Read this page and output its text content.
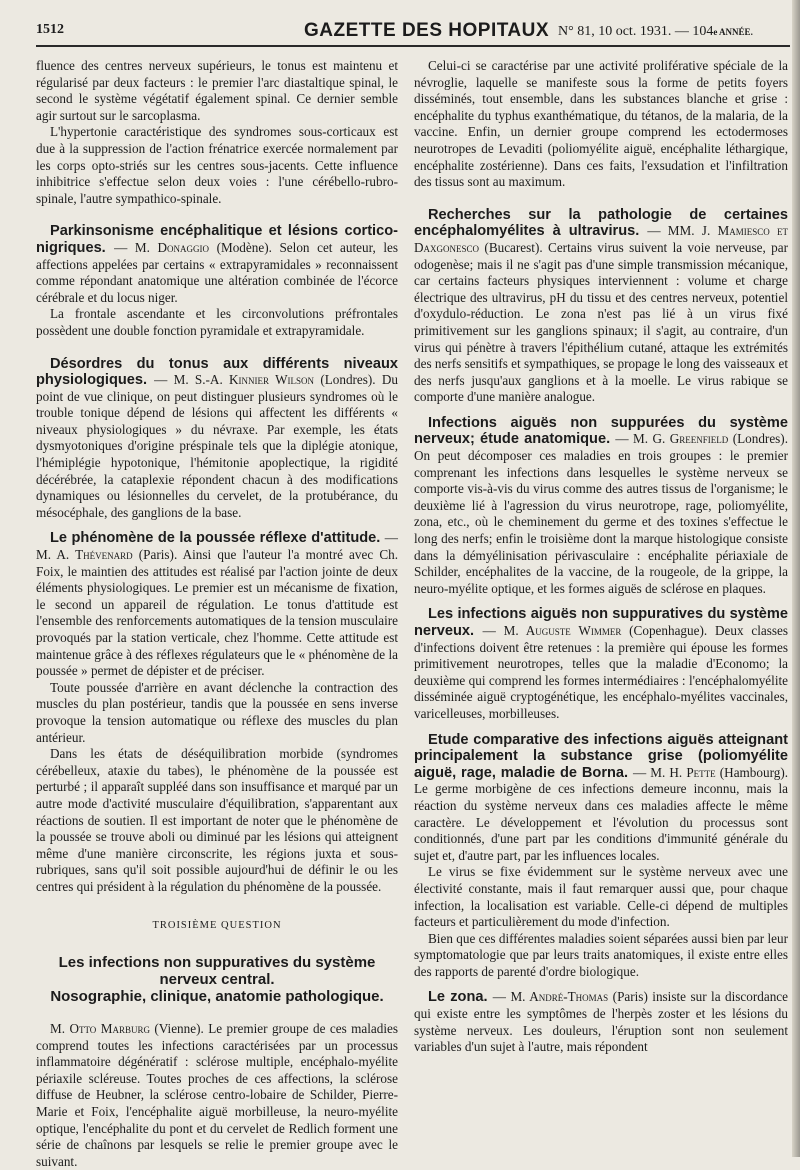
1512	GAZETTE DES HOPITAUX N° 81, 10 oct. 1931. — 104e ANNÉE.

fluence des centres nerveux supérieurs, le tonus est maintenu et régularisé par deux facteurs : le premier l'arc diastaltique spinal, le second le système végétatif également spinal. Ce dernier semble agir surtout sur le sarcoplasma.

L'hypertonie caractéristique des syndromes sous-corticaux est due à la suppression de l'action frénatrice exercée normalement par les corps opto-striés sur les centres sous-jacents. Cette influence inhibitrice s'effectue selon deux voies : l'une cérébello-rubro-spinale, l'autre sympathico-spinale.

Parkinsonisme encéphalitique et lésions cortico-nigriques. — M. Donaggio (Modène). Selon cet auteur, les affections appelées par certains « extrapyramidales » reconnaissent comme répondant anatomique une altération combinée de l'écorce cérébrale et du locus niger.

La frontale ascendante et les circonvolutions préfrontales possèdent une double fonction pyramidale et extrapyramidale.

Désordres du tonus aux différents niveaux physiologiques. — M. S.-A. Kinnier Wilson (Londres). Du point de vue clinique, on peut distinguer plusieurs syndromes où le trouble tonique dépend de lésions qui affectent les différents « niveaux physiologiques » du névraxe. Par exemple, les états dysmyotoniques d'origine préspinale tels que la diplégie atonique, l'hémiplégie hypotonique, l'hémitonie apoplectique, la rigidité décérébrée, la cataplexie répondent chacun à des modifications dynamiques ou lésionnelles du cervelet, de la protubérance, du mésocéphale, des ganglions de la base.
Le phénomène de la poussée réflexe d'attitude. — M. A. Thévenard (Paris). Ainsi que l'auteur l'a montré avec Ch. Foix, le maintien des attitudes est réalisé par l'action jointe de deux éléments physiologiques. Le premier est un mécanisme de fixation, le second un appareil de régulation. Le tonus d'attitude est l'ensemble des renforcements automatiques de la tension musculaire provoqués par la station verticale, chez l'homme. Cette attitude est maintenue grâce à des réflexes régulateurs que le « phénomène de la poussée » permet de dépister et de préciser.

Toute poussée d'arrière en avant déclenche la contraction des muscles du plan postérieur, tandis que la poussée en sens inverse provoque la tension automatique ou réflexe des muscles du plan antérieur.

Dans les états de déséquilibration morbide (syndromes cérébelleux, ataxie du tabes), le phénomène de la poussée est perturbé ; il apparaît suppléé dans son insuffisance et marqué par un autre mode d'activité musculaire d'équilibration, s'apparentant aux réactions de soutien. Il est important de noter que le phénomène de la poussée se trouve aboli ou diminué par les lésions qui atteignent même d'une manière circonscrite, les régions juxta et sous-rubriques, sans qu'il soit possible aujourd'hui de définir le ou les centres qui président à la régulation du phénomène de la poussée.

TROISIÈME QUESTION
Les infections non suppuratives du système nerveux central.
Nosographie, clinique, anatomie pathologique.

M. Otto Marburg (Vienne). Le premier groupe de ces maladies comprend toutes les infections caractérisées par un processus inflammatoire dégénératif : sclérose multiple, encéphalo-myélite périaxile scléreuse. Toutes proches de ces affections, la sclérose diffuse de Heubner, la sclérose centro-lobaire de Schilder, Pierre-Marie et Foix, l'encéphalite aiguë morbilleuse, la neuro-myélite optique, l'encéphalite du pont et du cervelet de Redlich forment une série de chaînons par lesquels se relie le premier groupe avec le suivant.

Celui-ci se caractérise par une activité proliférative spéciale de la névroglie, laquelle se manifeste sous la forme de petits foyers disséminés, tout ensemble, dans les substances blanche et grise : encéphalite du typhus exanthématique, du tétanos, de la malaria, de la vaccine. Enfin, un dernier groupe comprend les ectodermoses neurotropes de Levaditi (poliomyélite aiguë, encéphalite léthargique, encéphalite zostérienne). Dans ces faits, l'exsudation et l'infiltration des tissus sont au maximum.

Recherches sur la pathologie de certaines encéphalomyélites à ultravirus. — MM. J. Mamiesco et Daxgonesco (Bucarest). Certains virus suivent la voie nerveuse, par odogenèse; mais il ne s'agit pas d'une simple transmission mécanique, car certains facteurs physiques interviennent : volume et charge électrique des ultravirus, pH du tissu et des centres nerveux, potentiel d'oxydulo-réduction. Le zona n'est pas lié à un virus fixé primitivement sur les ganglions spinaux; il s'agit, au contraire, d'un virus qui pénètre à travers l'épithélium cutané, attaque les extrémités des nerfs sensitifs et sympathiques, se propage le long des vaisseaux et des nerfs jusqu'aux ganglions et à la moelle. Le virus rabique se comporte d'une manière analogue.
Infections aiguës non suppurées du système nerveux; étude anatomique. — M. G. Greenfield (Londres). On peut décomposer ces maladies en trois groupes : le premier comprenant les infections dans lesquelles le système nerveux se comporte vis-à-vis du virus comme des autres tissus de l'organisme; le deuxième lié à l'agression du virus neurotrope, rage, poliomyélite, zona, etc., où le cheminement du germe et des toxines s'effectue le long des nerfs; enfin le troisième dont la marque histologique consiste dans la démyélinisation périvasculaire : encéphalite périaxiale de Schilder, encéphalites de la vaccine, de la rougeole, de la grippe, la neuro-myélite optique, et les formes aiguës de sclérose en plaques.
Les infections aiguës non suppuratives du système nerveux. — M. Auguste Wimmer (Copenhague). Deux classes d'infections doivent être retenues : la première qui épouse les formes primitivement neurotropes, telles que la maladie d'Economo; la deuxième qui comprend les formes intermédiaires : l'encéphalomyélite disséminée aiguë cryptogénétique, les encéphalo-myélites vaccinales, varicelleuses, morbilleuses.
Etude comparative des infections aiguës atteignant principalement la substance grise (poliomyélite aiguë, rage, maladie de Borna. — M. H. Pette (Hambourg). Le germe morbigène de ces infections demeure inconnu, mais la réaction du système nerveux dans ces maladies affecte le même caractère. Le développement et l'évolution du processus sont conditionnés, d'une part par les conditions d'immunité générale du sujet et, d'autre part, par les influences locales.

Le virus se fixe évidemment sur le système nerveux avec une électivité constante, mais il faut remarquer aussi que, pour chaque infection, la localisation est variable. Celle-ci dépend de multiples facteurs et particulièrement du mode d'infection.

Bien que ces différentes maladies soient séparées aussi bien par leur symptomatologie que par leurs traits anatomiques, il existe entre elles des rapports de parenté d'ordre biologique.

Le zona. — M. André-Thomas (Paris) insiste sur la discordance qui existe entre les symptômes de l'herpès zoster et les lésions du système nerveux. Les douleurs, l'éruption sont non seulement variables d'un sujet à l'autre, mais répondent
